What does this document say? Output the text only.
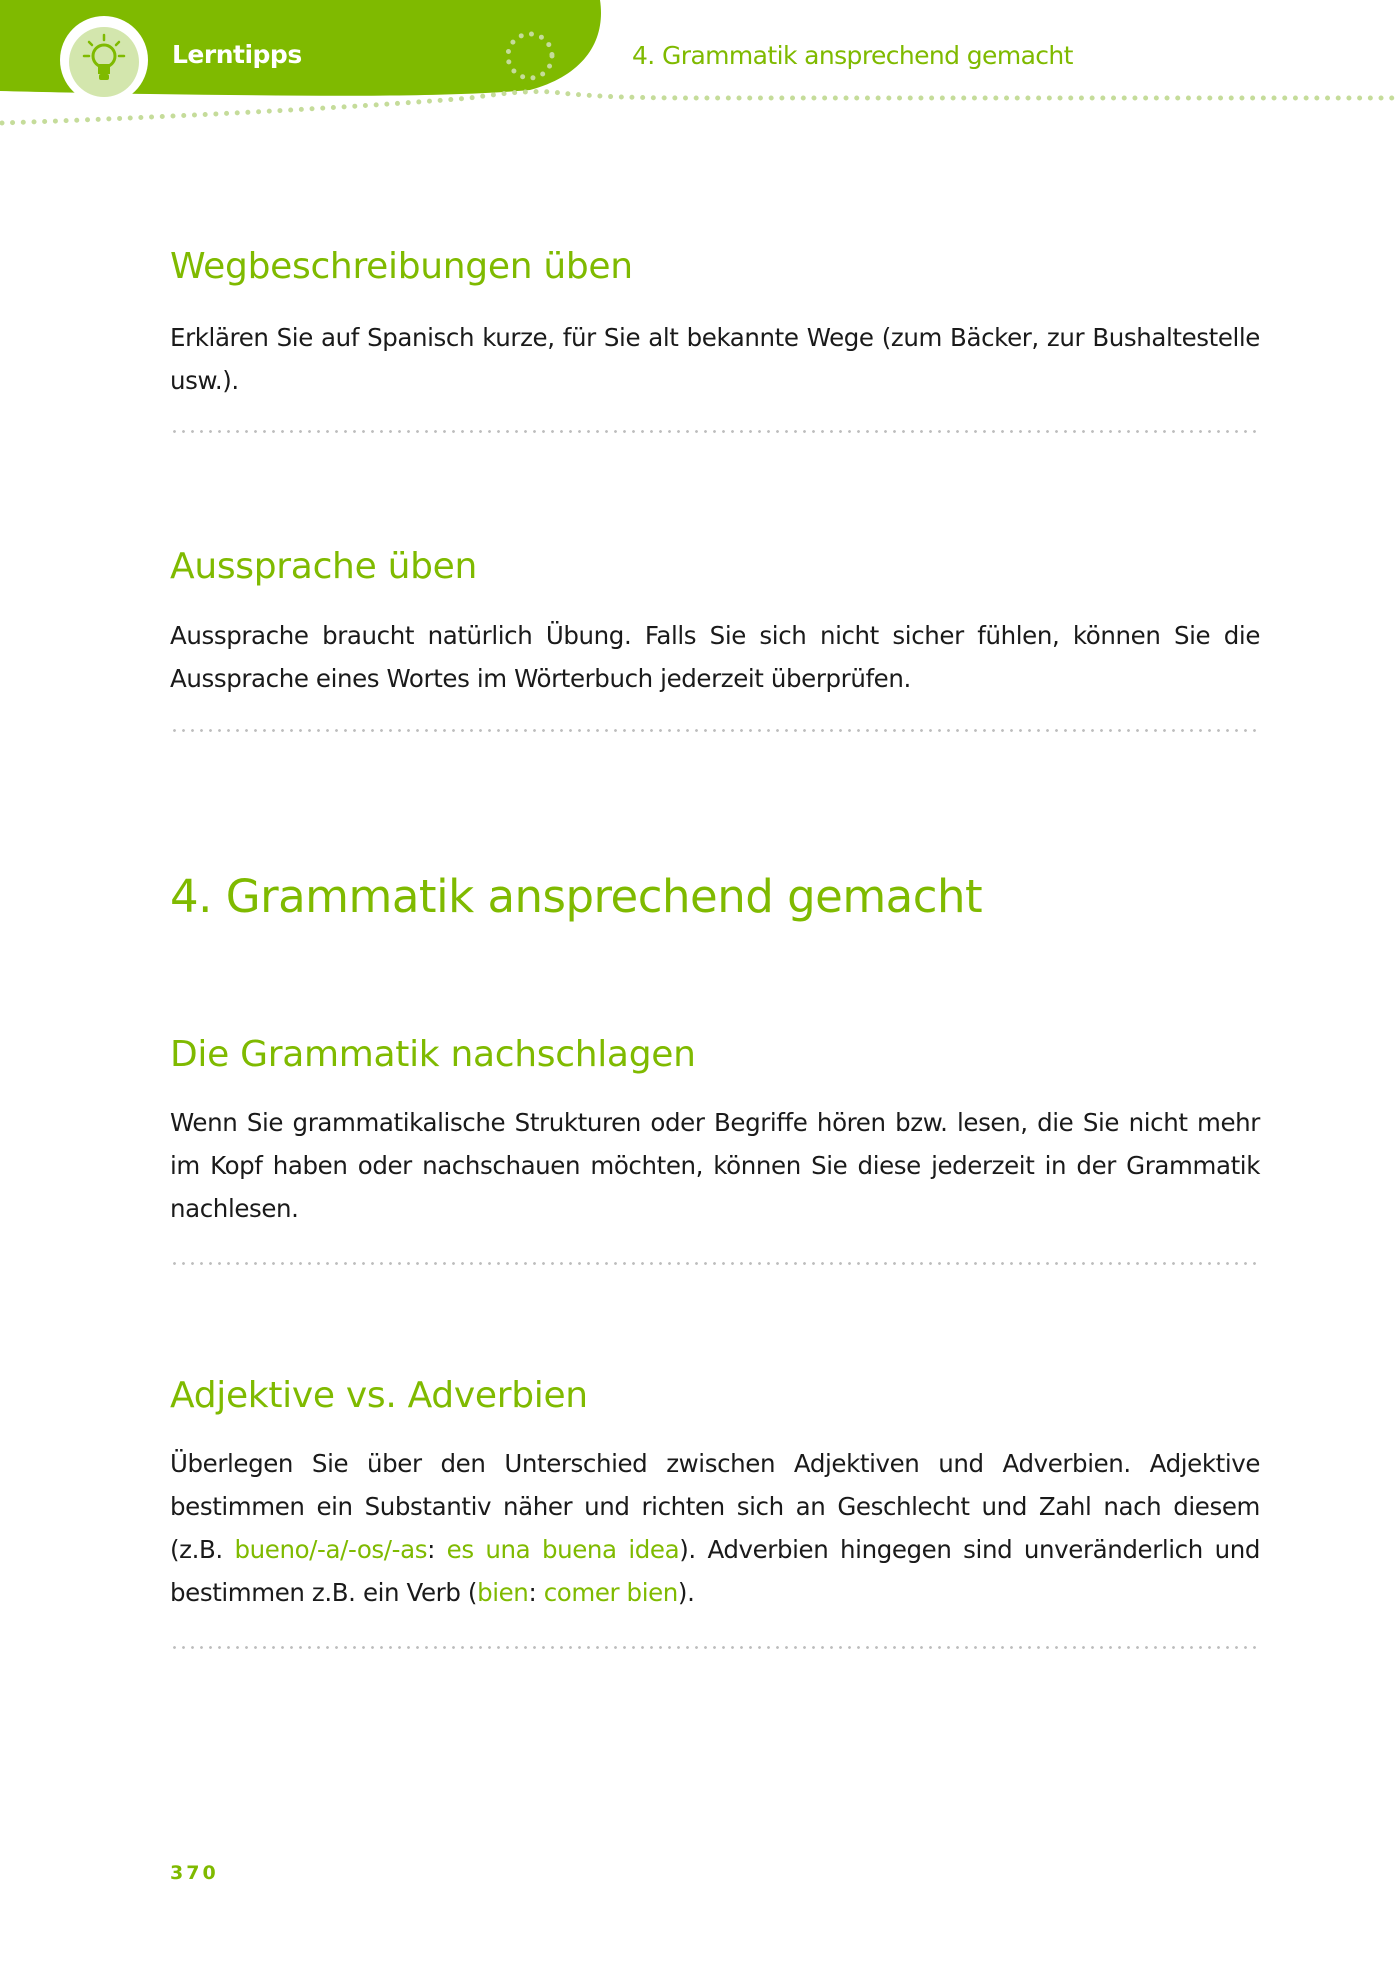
Lerntipps	4. Grammatik ansprechend gemacht
Wegbeschreibungen üben

Erklären Sie auf Spanisch kurze, für Sie alt bekannte Wege (zum Bäcker, zur Bushaltestelle usw.).

Aussprache üben

Aussprache braucht natürlich Übung. Falls Sie sich nicht sicher fühlen, können Sie die Aussprache eines Wortes im Wörterbuch jederzeit überprüfen.

4. Grammatik ansprechend gemacht
Die Grammatik nachschlagen

Wenn Sie grammatikalische Strukturen oder Begriffe hören bzw. lesen, die Sie nicht mehr im Kopf haben oder nachschauen möchten, können Sie diese jederzeit in der Grammatik nachlesen.

Adjektive vs. Adverbien

Überlegen Sie über den Unterschied zwischen Adjektiven und Adverbien. Adjektive bestimmen ein Substantiv näher und richten sich an Geschlecht und Zahl nach diesem (z.B. bueno/-a/-os/-as: es una buena idea). Adverbien hingegen sind unveränderlich und bestimmen z.B. ein Verb (bien: comer bien).

370
